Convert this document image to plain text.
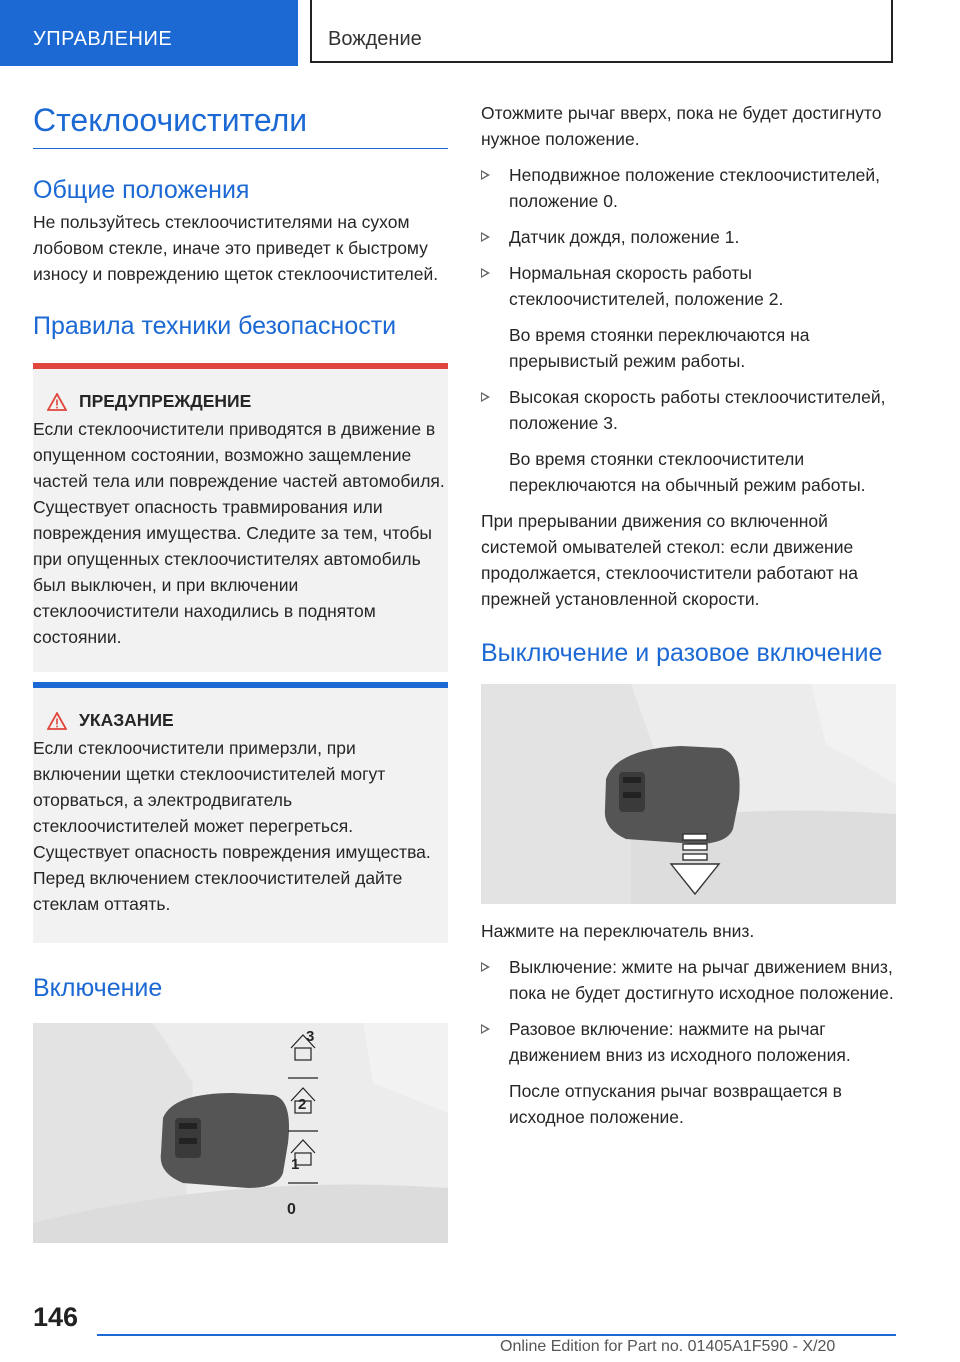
УПРАВЛЕНИЕ	Вождение
Стеклоочистители
Общие положения

Не пользуйтесь стеклоочистителями на сухом лобовом стекле, иначе это приведет к быстрому износу и повреждению щеток стеклоочистителей.

Правила техники безопасности
ПРЕДУПРЕЖДЕНИЕ

Если стеклоочистители приводятся в движение в опущенном состоянии, возможно защемление частей тела или повреждение частей автомобиля. Существует опасность травмирования или повреждения имущества. Следите за тем, чтобы при опущенных стеклоочистителях автомобиль был выключен, и при включении стеклоочистители находились в поднятом состоянии.

УКАЗАНИЕ

Если стеклоочистители примерзли, при включении щетки стеклоочистителей могут оторваться, а электродвигатель стеклоочистителей может перегреться. Существует опасность повреждения имущества. Перед включением стеклоочистителей дайте стеклам оттаять.

Включение
3
2
1
0

Отожмите рычаг вверх, пока не будет достигнуто нужное положение.

Неподвижное положение стеклоочистителей, положение 0.
Датчик дождя, положение 1.
Нормальная скорость работы стеклоочистителей, положение 2.

Во время стоянки переключаются на прерывистый режим работы.

Высокая скорость работы стеклоочистителей, положение 3.

Во время стоянки стеклоочистители переключаются на обычный режим работы.

При прерывании движения со включенной системой омывателей стекол: если движение продолжается, стеклоочистители работают на прежней установленной скорости.

Выключение и разовое включение

Нажмите на переключатель вниз.

Выключение: жмите на рычаг движением вниз, пока не будет достигнуто исходное положение.
Разовое включение: нажмите на рычаг движением вниз из исходного положения.

После отпускания рычаг возвращается в исходное положение.

146
Online Edition for Part no. 01405A1F590 - X/20
